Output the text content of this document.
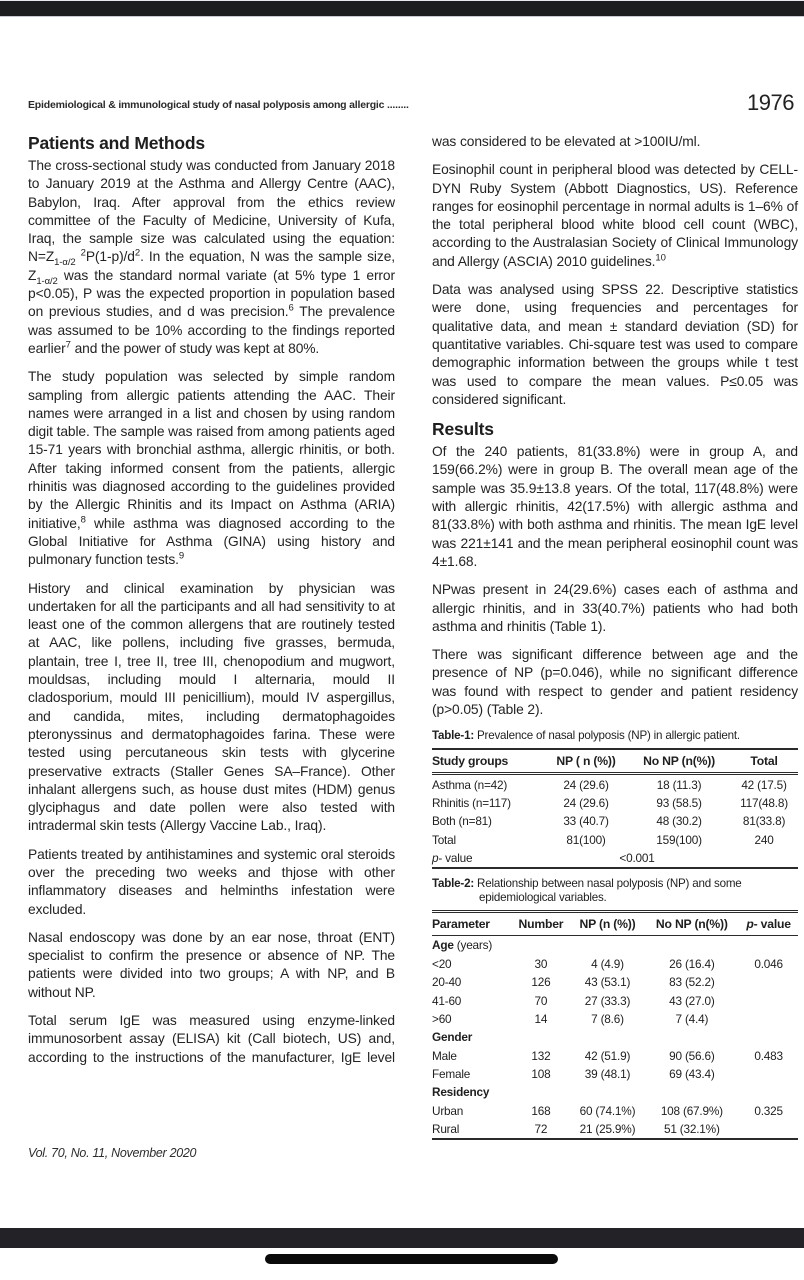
Epidemiological & immunological study of nasal polyposis among allergic ........	1976
Patients and Methods

The cross-sectional study was conducted from January 2018 to January 2019 at the Asthma and Allergy Centre (AAC), Babylon, Iraq. After approval from the ethics review committee of the Faculty of Medicine, University of Kufa, Iraq, the sample size was calculated using the equation: $N=Z_{1-\alpha/2}$ $^2P(1-p)/d^2$. In the equation, N was the sample size, $Z_{1-\alpha/2}$ was the standard normal variate (at 5% type 1 error p<0.05), P was the expected proportion in population based on previous studies, and d was precision.$^6$ The prevalence was assumed to be 10% according to the findings reported earlier$^7$ and the power of study was kept at 80%.

The study population was selected by simple random sampling from allergic patients attending the AAC. Their names were arranged in a list and chosen by using random digit table. The sample was raised from among patients aged 15-71 years with bronchial asthma, allergic rhinitis, or both. After taking informed consent from the patients, allergic rhinitis was diagnosed according to the guidelines provided by the Allergic Rhinitis and its Impact on Asthma (ARIA) initiative,$^8$ while asthma was diagnosed according to the Global Initiative for Asthma (GINA) using history and pulmonary function tests.$^9$

History and clinical examination by physician was undertaken for all the participants and all had sensitivity to at least one of the common allergens that are routinely tested at AAC, like pollens, including five grasses, bermuda, plantain, tree I, tree II, tree III, chenopodium and mugwort, mouldsas, including mould I alternaria, mould II cladosporium, mould III penicillium), mould IV aspergillus, and candida, mites, including dermatophagoides pteronyssinus and dermatophagoides farina. These were tested using percutaneous skin tests with glycerine preservative extracts (Staller Genes SA–France). Other inhalant allergens such, as house dust mites (HDM) genus glyciphagus and date pollen were also tested with intradermal skin tests (Allergy Vaccine Lab., Iraq).

Patients treated by antihistamines and systemic oral steroids over the preceding two weeks and thjose with other inflammatory diseases and helminths infestation were excluded.

Nasal endoscopy was done by an ear nose, throat (ENT) specialist to confirm the presence or absence of NP. The patients were divided into two groups; A with NP, and B without NP.

Total serum IgE was measured using enzyme-linked immunosorbent assay (ELISA) kit (Call biotech, US) and, according to the instructions of the manufacturer, IgE level

was considered to be elevated at >100IU/ml.

Eosinophil count in peripheral blood was detected by CELL-DYN Ruby System (Abbott Diagnostics, US). Reference ranges for eosinophil percentage in normal adults is 1–6% of the total peripheral blood white blood cell count (WBC), according to the Australasian Society of Clinical Immunology and Allergy (ASCIA) 2010 guidelines.$^{10}$

Data was analysed using SPSS 22. Descriptive statistics were done, using frequencies and percentages for qualitative data, and mean ± standard deviation (SD) for quantitative variables. Chi-square test was used to compare demographic information between the groups while t test was used to compare the mean values. P≤0.05 was considered significant.

Results

Of the 240 patients, 81(33.8%) were in group A, and 159(66.2%) were in group B. The overall mean age of the sample was 35.9±13.8 years. Of the total, 117(48.8%) were with allergic rhinitis, 42(17.5%) with allergic asthma and 81(33.8%) with both asthma and rhinitis. The mean IgE level was 221±141 and the mean peripheral eosinophil count was 4±1.68.

NPwas present in 24(29.6%) cases each of asthma and allergic rhinitis, and in 33(40.7%) patients who had both asthma and rhinitis (Table 1).

There was significant difference between age and the presence of NP (p=0.046), while no significant difference was found with respect to gender and patient residency (p>0.05) (Table 2).

Table-1: Prevalence of nasal polyposis (NP) in allergic patient.
Study groups	NP ( n (%))	No NP (n(%))	Total
Asthma (n=42)	24 (29.6)	18 (11.3)	42 (17.5)
Rhinitis (n=117)	24 (29.6)	93 (58.5)	117(48.8)
Both (n=81)	33 (40.7)	48 (30.2)	81(33.8)
Total	81(100)	159(100)	240
p- value	<0.001		
Table-2: Relationship between nasal polyposis (NP) and some epidemiological variables.
Parameter	Number	NP (n (%))	No NP (n(%))	p- value
Age (years)				
<20	30	4 (4.9)	26 (16.4)	0.046
20-40	126	43 (53.1)	83 (52.2)	
41-60	70	27 (33.3)	43 (27.0)	
>60	14	7 (8.6)	7 (4.4)	
Gender				
Male	132	42 (51.9)	90 (56.6)	0.483
Female	108	39 (48.1)	69 (43.4)	
Residency				
Urban	168	60 (74.1%)	108 (67.9%)	0.325
Rural	72	21 (25.9%)	51 (32.1%)	
Vol. 70, No. 11, November 2020
